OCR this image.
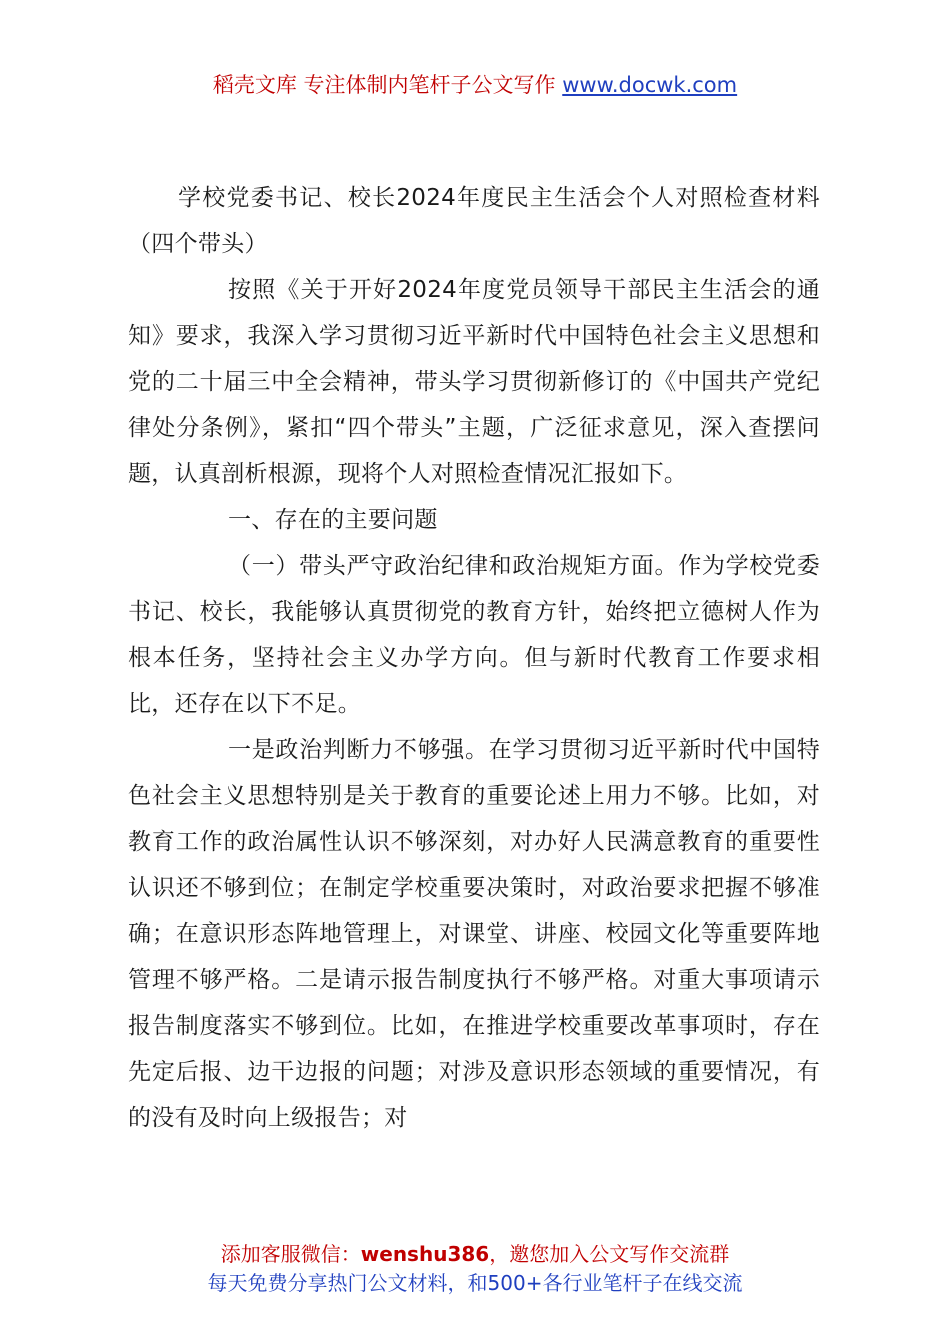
稻壳文库 专注体制内笔杆子公文写作 www.docwk.com

学校党委书记、校长2024年度民主生活会个人对照检查材料（四个带头）

按照《关于开好2024年度党员领导干部民主生活会的通知》要求，我深入学习贯彻习近平新时代中国特色社会主义思想和党的二十届三中全会精神，带头学习贯彻新修订的《中国共产党纪律处分条例》，紧扣“四个带头”主题，广泛征求意见，深入查摆问题，认真剖析根源，现将个人对照检查情况汇报如下。

一、存在的主要问题

（一）带头严守政治纪律和政治规矩方面。作为学校党委书记、校长，我能够认真贯彻党的教育方针，始终把立德树人作为根本任务，坚持社会主义办学方向。但与新时代教育工作要求相比，还存在以下不足。

一是政治判断力不够强。在学习贯彻习近平新时代中国特色社会主义思想特别是关于教育的重要论述上用力不够。比如，对教育工作的政治属性认识不够深刻，对办好人民满意教育的重要性认识还不够到位；在制定学校重要决策时，对政治要求把握不够准确；在意识形态阵地管理上，对课堂、讲座、校园文化等重要阵地管理不够严格。二是请示报告制度执行不够严格。对重大事项请示报告制度落实不够到位。比如，在推进学校重要改革事项时，存在先定后报、边干边报的问题；对涉及意识形态领域的重要情况，有的没有及时向上级报告；对

添加客服微信：wenshu386，邀您加入公文写作交流群
每天免费分享热门公文材料，和500+各行业笔杆子在线交流
